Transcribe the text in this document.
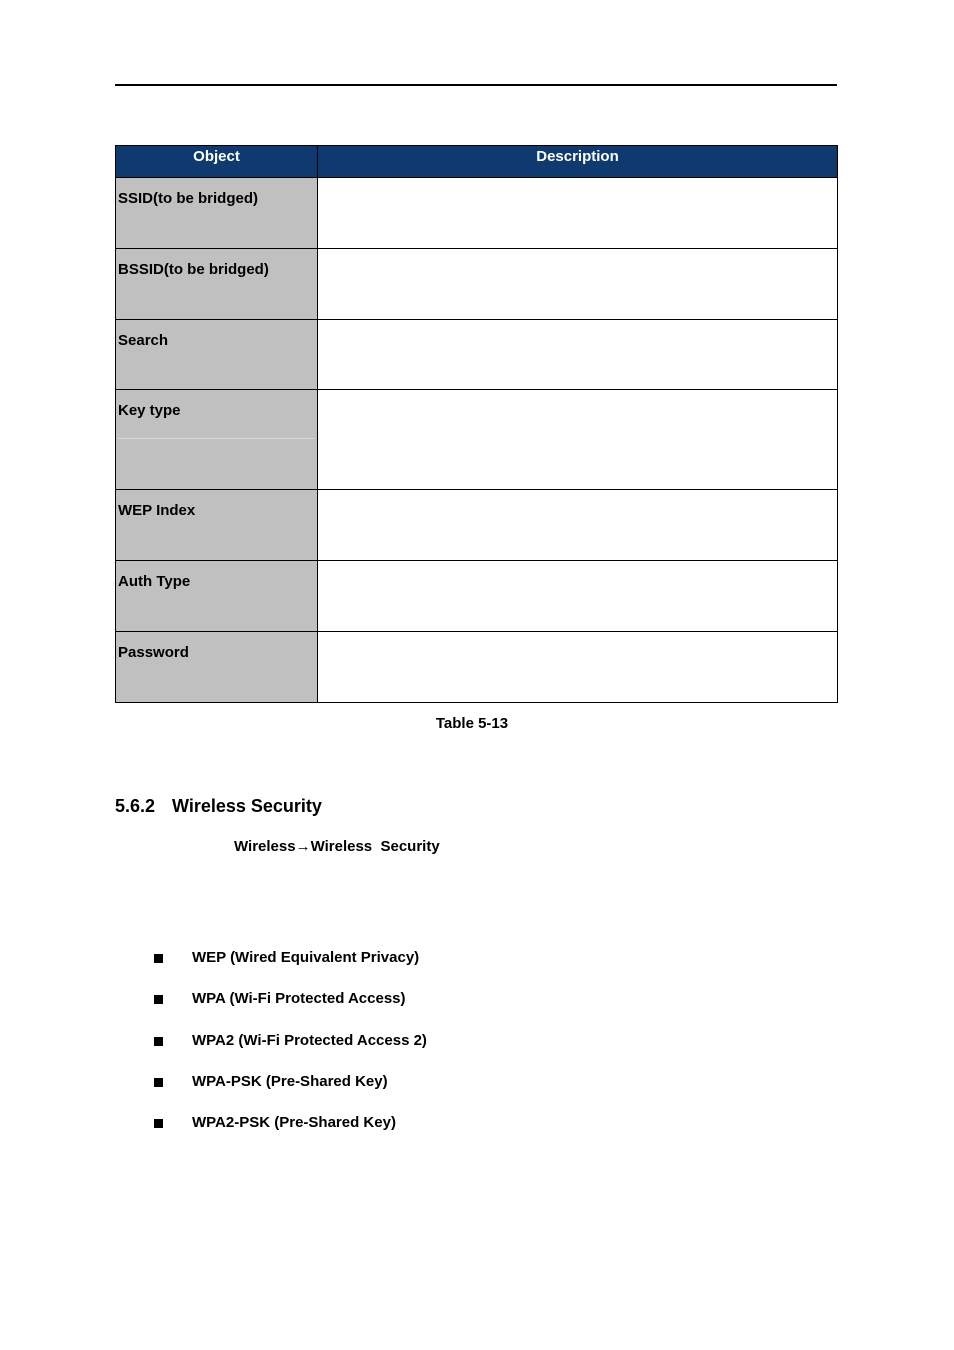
Object	Description
SSID(to be bridged)	
BSSID(to be bridged)	
Search	
Key type

WEP Index	
Auth Type	
Password	
Table 5-13
5.6.2 Wireless Security
Wireless→Wireless  Security
WEP (Wired Equivalent Privacy)
WPA (Wi-Fi Protected Access)
WPA2 (Wi-Fi Protected Access 2)
WPA-PSK (Pre-Shared Key)
WPA2-PSK (Pre-Shared Key)
